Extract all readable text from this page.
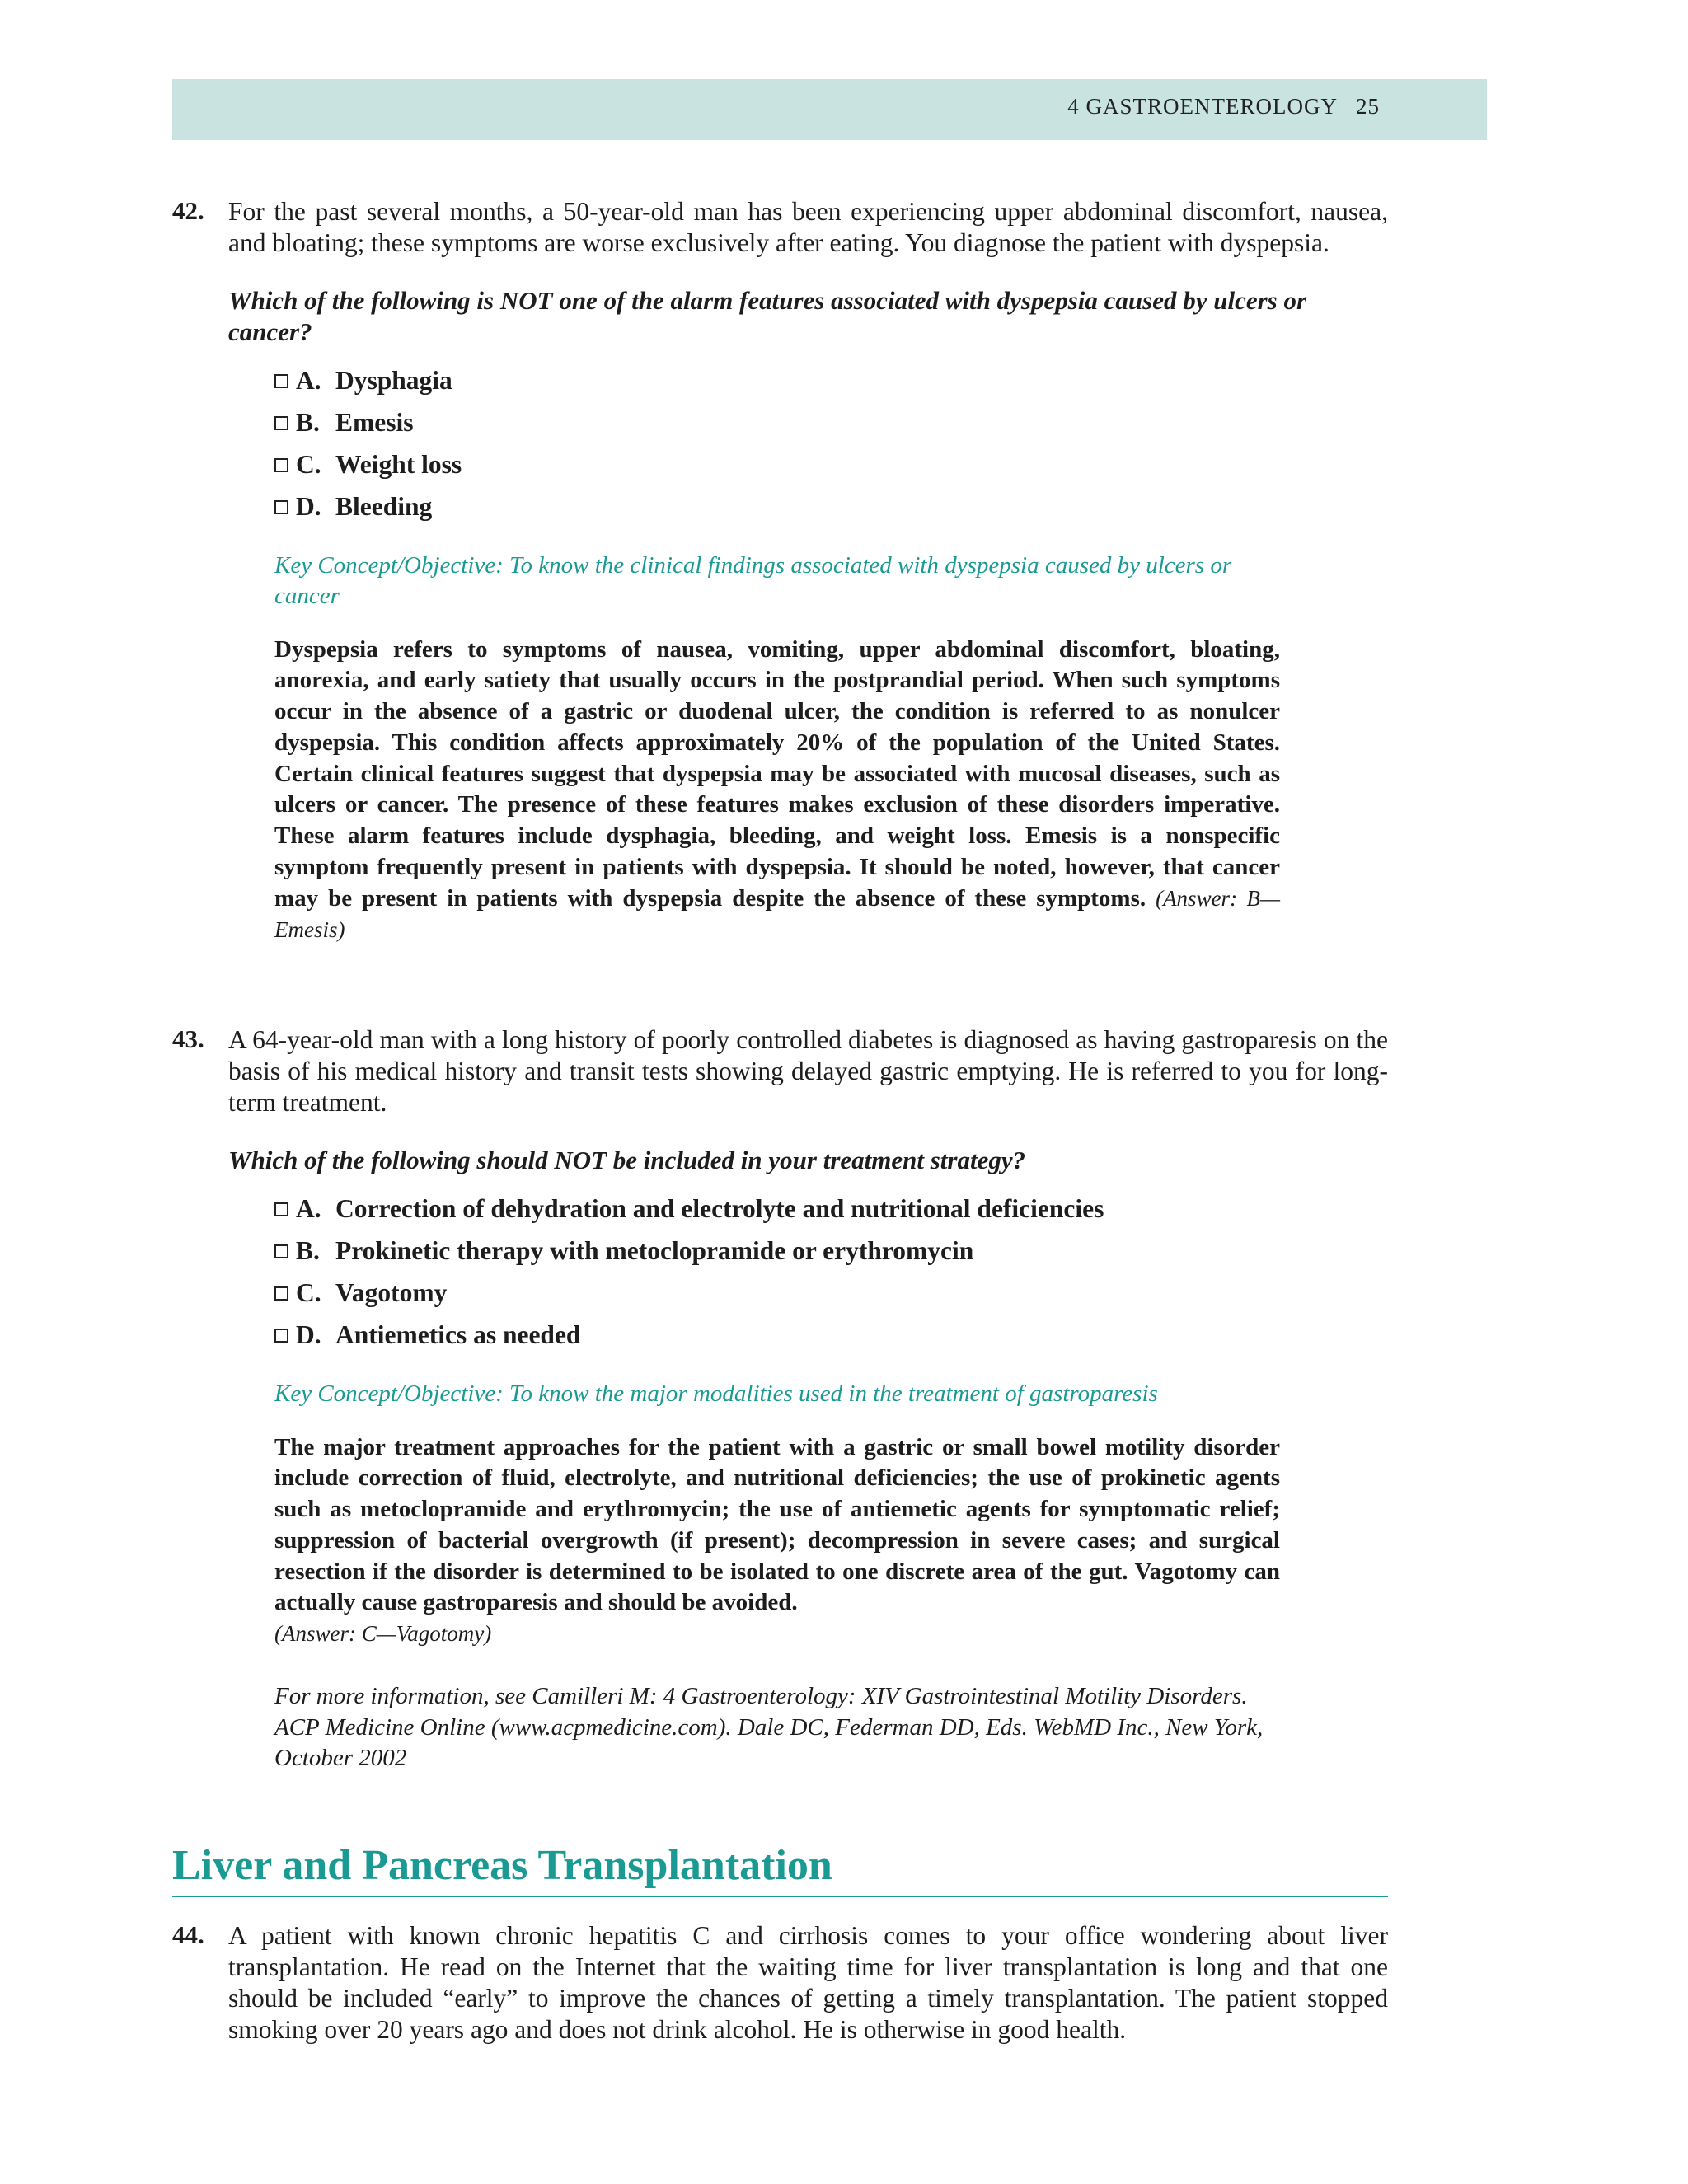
4 GASTROENTEROLOGY 25
42. For the past several months, a 50-year-old man has been experiencing upper abdominal discomfort, nausea, and bloating; these symptoms are worse exclusively after eating. You diagnose the patient with dyspepsia.

Which of the following is NOT one of the alarm features associated with dyspepsia caused by ulcers or cancer?
A. Dysphagia
B. Emesis
C. Weight loss
D. Bleeding
Key Concept/Objective: To know the clinical findings associated with dyspepsia caused by ulcers or cancer
Dyspepsia refers to symptoms of nausea, vomiting, upper abdominal discomfort, bloating, anorexia, and early satiety that usually occurs in the postprandial period. When such symptoms occur in the absence of a gastric or duodenal ulcer, the condition is referred to as nonulcer dyspepsia. This condition affects approximately 20% of the population of the United States. Certain clinical features suggest that dyspepsia may be associated with mucosal diseases, such as ulcers or cancer. The presence of these features makes exclusion of these disorders imperative. These alarm features include dysphagia, bleeding, and weight loss. Emesis is a nonspecific symptom frequently present in patients with dyspepsia. It should be noted, however, that cancer may be present in patients with dyspepsia despite the absence of these symptoms. (Answer: B—Emesis)
43. A 64-year-old man with a long history of poorly controlled diabetes is diagnosed as having gastroparesis on the basis of his medical history and transit tests showing delayed gastric emptying. He is referred to you for long-term treatment.

Which of the following should NOT be included in your treatment strategy?
A. Correction of dehydration and electrolyte and nutritional deficiencies
B. Prokinetic therapy with metoclopramide or erythromycin
C. Vagotomy
D. Antiemetics as needed
Key Concept/Objective: To know the major modalities used in the treatment of gastroparesis
The major treatment approaches for the patient with a gastric or small bowel motility disorder include correction of fluid, electrolyte, and nutritional deficiencies; the use of prokinetic agents such as metoclopramide and erythromycin; the use of antiemetic agents for symptomatic relief; suppression of bacterial overgrowth (if present); decompression in severe cases; and surgical resection if the disorder is determined to be isolated to one discrete area of the gut. Vagotomy can actually cause gastroparesis and should be avoided.
(Answer: C—Vagotomy)
For more information, see Camilleri M: 4 Gastroenterology: XIV Gastrointestinal Motility Disorders. ACP Medicine Online (www.acpmedicine.com). Dale DC, Federman DD, Eds. WebMD Inc., New York, October 2002
Liver and Pancreas Transplantation
44. A patient with known chronic hepatitis C and cirrhosis comes to your office wondering about liver transplantation. He read on the Internet that the waiting time for liver transplantation is long and that one should be included “early” to improve the chances of getting a timely transplantation. The patient stopped smoking over 20 years ago and does not drink alcohol. He is otherwise in good health.
